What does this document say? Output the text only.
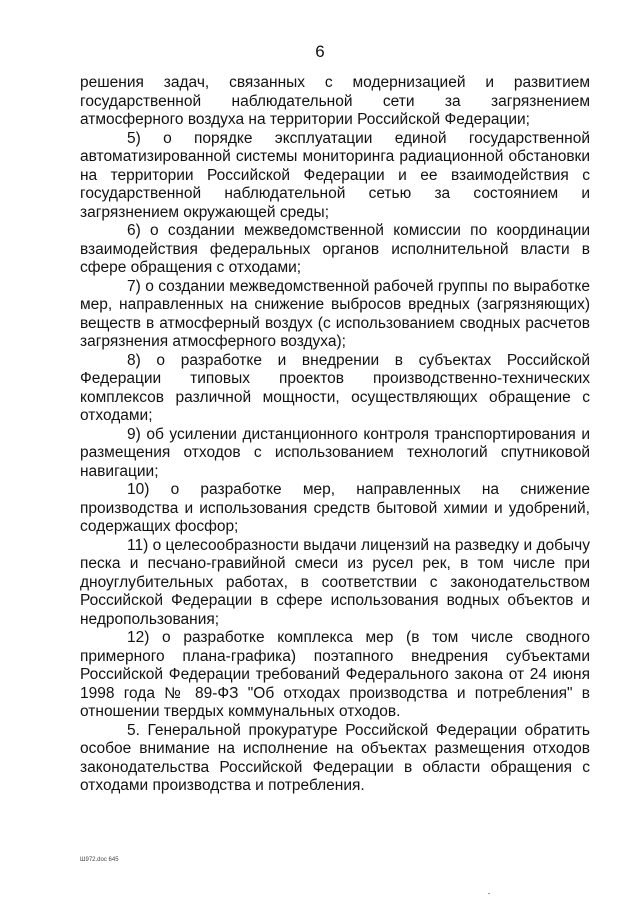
6

решения задач, связанных с модернизацией и развитием государственной наблюдательной сети за загрязнением атмосферного воздуха на территории Российской Федерации;

5) о порядке эксплуатации единой государственной автоматизированной системы мониторинга радиационной обстановки на территории Российской Федерации и ее взаимодействия с государственной наблюдательной сетью за состоянием и загрязнением окружающей среды;

6) о создании межведомственной комиссии по координации взаимодействия федеральных органов исполнительной власти в сфере обращения с отходами;

7) о создании межведомственной рабочей группы по выработке мер, направленных на снижение выбросов вредных (загрязняющих) веществ в атмосферный воздух (с использованием сводных расчетов загрязнения атмосферного воздуха);

8) о разработке и внедрении в субъектах Российской Федерации типовых проектов производственно-технических комплексов различной мощности, осуществляющих обращение с отходами;

9) об усилении дистанционного контроля транспортирования и размещения отходов с использованием технологий спутниковой навигации;

10) о разработке мер, направленных на снижение производства и использования средств бытовой химии и удобрений, содержащих фосфор;

11) о целесообразности выдачи лицензий на разведку и добычу песка и песчано-гравийной смеси из русел рек, в том числе при дноуглубительных работах, в соответствии с законодательством Российской Федерации в сфере использования водных объектов и недропользования;

12) о разработке комплекса мер (в том числе сводного примерного плана-графика) поэтапного внедрения субъектами Российской Федерации требований Федерального закона от 24 июня 1998 года № 89-ФЗ "Об отходах производства и потребления" в отношении твердых коммунальных отходов.

5. Генеральной прокуратуре Российской Федерации обратить особое внимание на исполнение на объектах размещения отходов законодательства Российской Федерации в области обращения с отходами производства и потребления.

Ш972.doc 645
